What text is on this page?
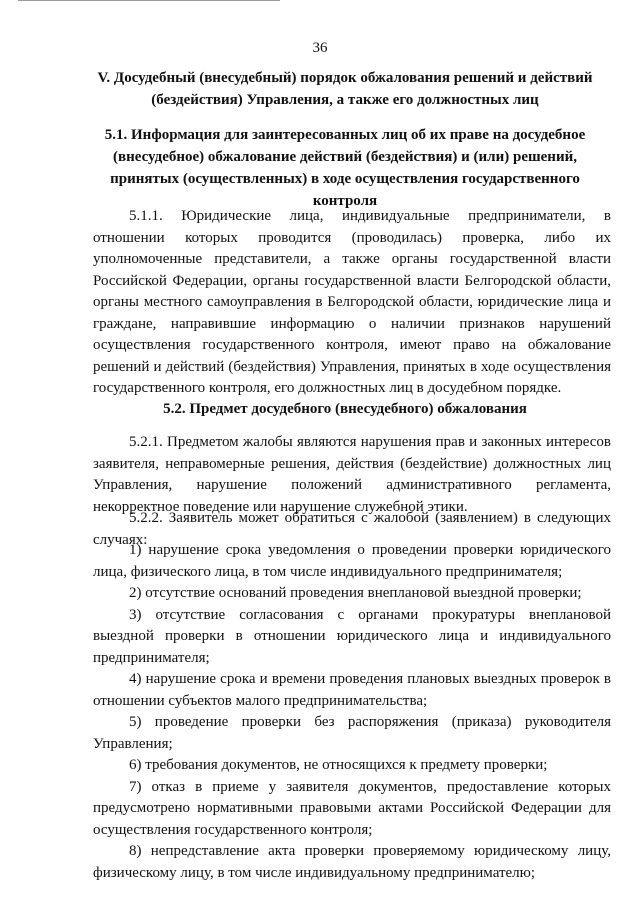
36
V. Досудебный (внесудебный) порядок обжалования решений и действий (бездействия) Управления, а также его должностных лиц
5.1. Информация для заинтересованных лиц об их праве на досудебное (внесудебное) обжалование действий (бездействия) и (или) решений, принятых (осуществленных) в ходе осуществления государственного контроля
5.1.1. Юридические лица, индивидуальные предприниматели, в отношении которых проводится (проводилась) проверка, либо их уполномоченные представители, а также органы государственной власти Российской Федерации, органы государственной власти Белгородской области, органы местного самоуправления в Белгородской области, юридические лица и граждане, направившие информацию о наличии признаков нарушений осуществления государственного контроля, имеют право на обжалование решений и действий (бездействия) Управления, принятых в ходе осуществления государственного контроля, его должностных лиц в досудебном порядке.
5.2. Предмет досудебного (внесудебного) обжалования
5.2.1. Предметом жалобы являются нарушения прав и законных интересов заявителя, неправомерные решения, действия (бездействие) должностных лиц Управления, нарушение положений административного регламента, некорректное поведение или нарушение служебной этики.
5.2.2. Заявитель может обратиться с жалобой (заявлением) в следующих случаях:

1) нарушение срока уведомления о проведении проверки юридического лица, физического лица, в том числе индивидуального предпринимателя;

2) отсутствие оснований проведения внеплановой выездной проверки;

3) отсутствие согласования с органами прокуратуры внеплановой выездной проверки в отношении юридического лица и индивидуального предпринимателя;

4) нарушение срока и времени проведения плановых выездных проверок в отношении субъектов малого предпринимательства;

5) проведение проверки без распоряжения (приказа) руководителя Управления;

6) требования документов, не относящихся к предмету проверки;

7) отказ в приеме у заявителя документов, предоставление которых предусмотрено нормативными правовыми актами Российской Федерации для осуществления государственного контроля;

8) непредставление акта проверки проверяемому юридическому лицу, физическому лицу, в том числе индивидуальному предпринимателю;
